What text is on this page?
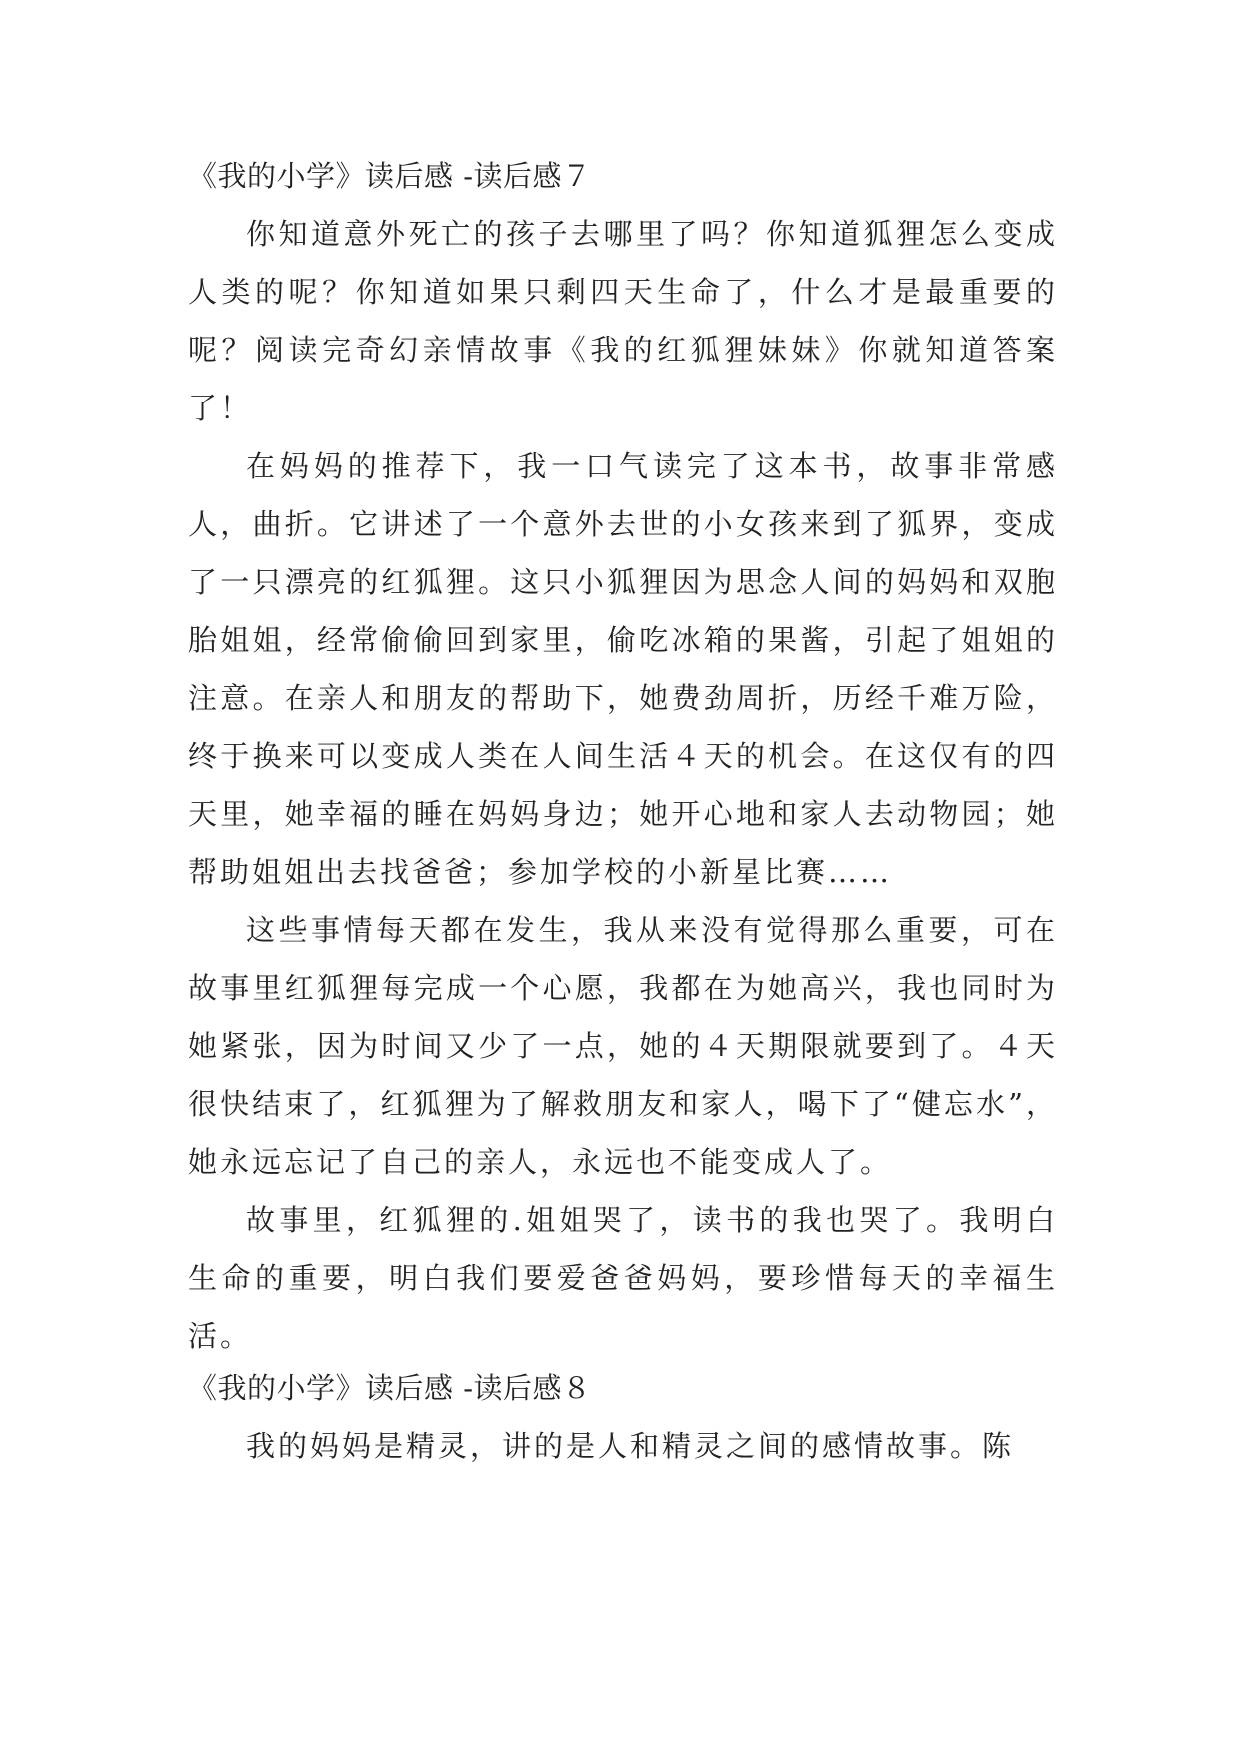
《我的小学》读后感 -读后感７

你知道意外死亡的孩子去哪里了吗？你知道狐狸怎么变成人类的呢？你知道如果只剩四天生命了，什么才是最重要的呢？阅读完奇幻亲情故事《我的红狐狸妹妹》你就知道答案了！

在妈妈的推荐下，我一口气读完了这本书，故事非常感人，曲折。它讲述了一个意外去世的小女孩来到了狐界，变成了一只漂亮的红狐狸。这只小狐狸因为思念人间的妈妈和双胞胎姐姐，经常偷偷回到家里，偷吃冰箱的果酱，引起了姐姐的注意。在亲人和朋友的帮助下，她费劲周折，历经千难万险，终于换来可以变成人类在人间生活４天的机会。在这仅有的四天里，她幸福的睡在妈妈身边；她开心地和家人去动物园；她帮助姐姐出去找爸爸；参加学校的小新星比赛……

这些事情每天都在发生，我从来没有觉得那么重要，可在故事里红狐狸每完成一个心愿，我都在为她高兴，我也同时为她紧张，因为时间又少了一点，她的４天期限就要到了。４天很快结束了，红狐狸为了解救朋友和家人，喝下了“健忘水”，她永远忘记了自己的亲人，永远也不能变成人了。

故事里，红狐狸的.姐姐哭了，读书的我也哭了。我明白生命的重要，明白我们要爱爸爸妈妈，要珍惜每天的幸福生活。

《我的小学》读后感 -读后感８

我的妈妈是精灵，讲的是人和精灵之间的感情故事。陈
